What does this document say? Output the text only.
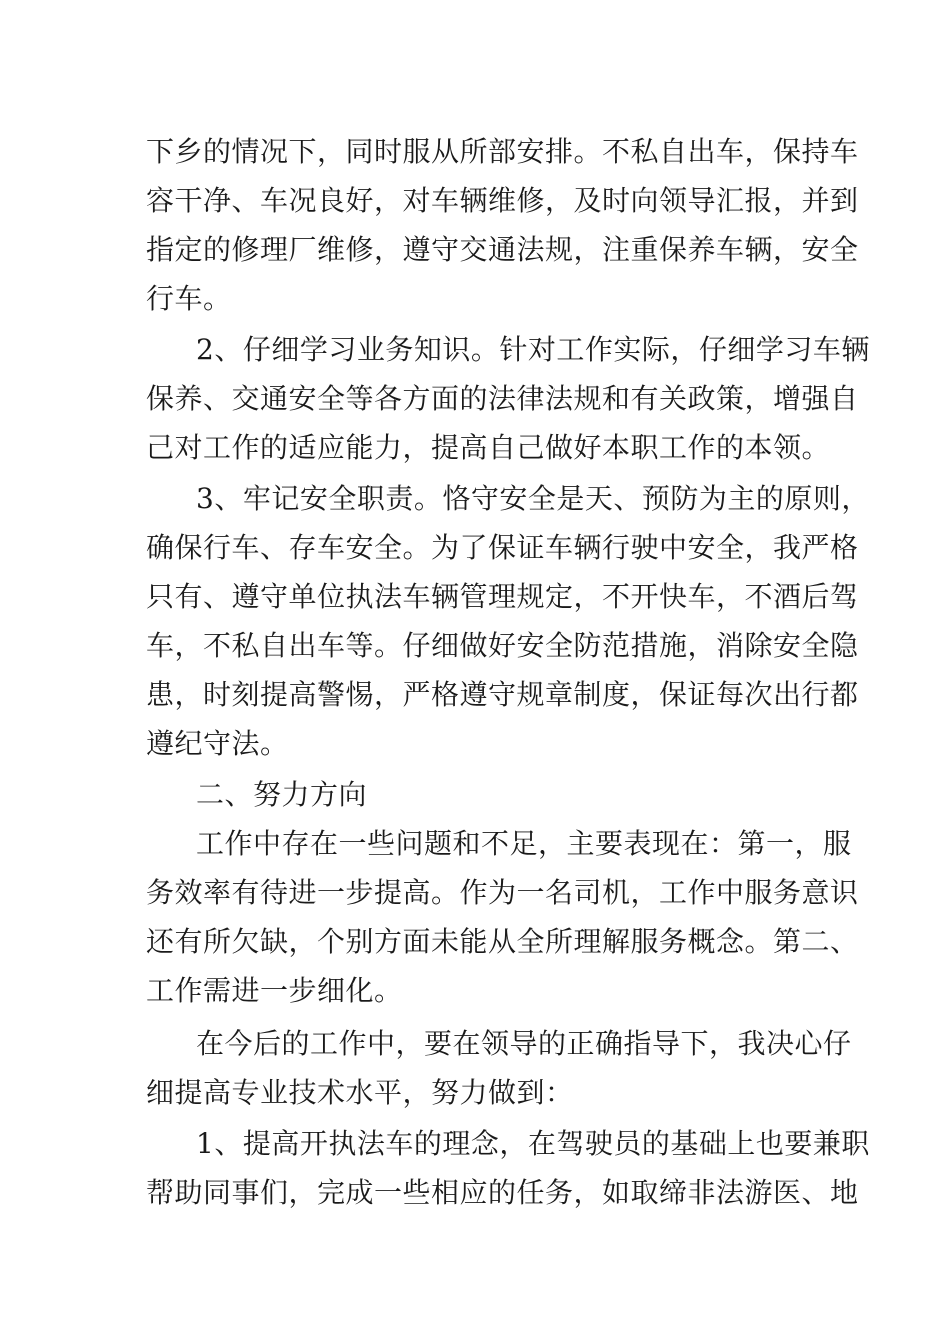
下乡的情况下，同时服从所部安排。不私自出车，保持车
容干净、车况良好，对车辆维修，及时向领导汇报，并到
指定的修理厂维修，遵守交通法规，注重保养车辆，安全
行车。
2、仔细学习业务知识。针对工作实际，仔细学习车辆
保养、交通安全等各方面的法律法规和有关政策，增强自
己对工作的适应能力，提高自己做好本职工作的本领。
3、牢记安全职责。恪守安全是天、预防为主的原则，
确保行车、存车安全。为了保证车辆行驶中安全，我严格
只有、遵守单位执法车辆管理规定，不开快车，不酒后驾
车，不私自出车等。仔细做好安全防范措施，消除安全隐
患，时刻提高警惕，严格遵守规章制度，保证每次出行都
遵纪守法。
二、努力方向
工作中存在一些问题和不足，主要表现在：第一，服
务效率有待进一步提高。作为一名司机，工作中服务意识
还有所欠缺，个别方面未能从全所理解服务概念。第二、
工作需进一步细化。
在今后的工作中，要在领导的正确指导下，我决心仔
细提高专业技术水平，努力做到：
1、提高开执法车的理念，在驾驶员的基础上也要兼职
帮助同事们，完成一些相应的任务，如取缔非法游医、地
